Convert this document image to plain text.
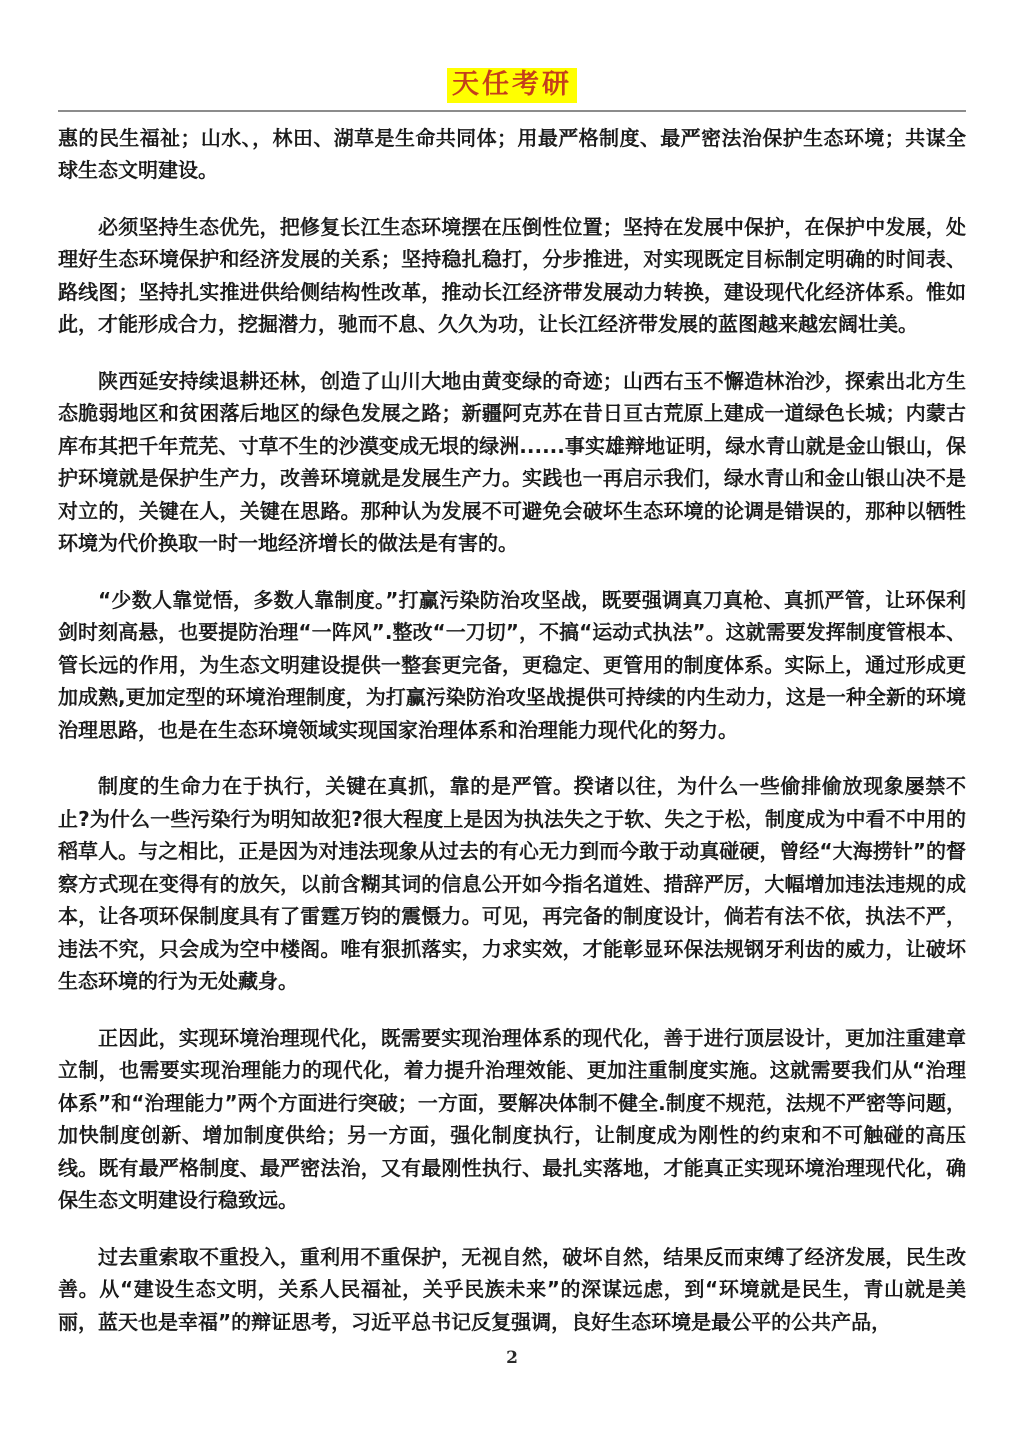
天任考研

惠的民生福祉；山水、，林田、湖草是生命共同体；用最严格制度、最严密法治保护生态环境；共谋全球生态文明建设。

必须坚持生态优先，把修复长江生态环境摆在压倒性位置；坚持在发展中保护，在保护中发展，处理好生态环境保护和经济发展的关系；坚持稳扎稳打，分步推进，对实现既定目标制定明确的时间表、路线图；坚持扎实推进供给侧结构性改革，推动长江经济带发展动力转换，建设现代化经济体系。惟如此，才能形成合力，挖掘潜力，驰而不息、久久为功，让长江经济带发展的蓝图越来越宏阔壮美。

陕西延安持续退耕还林，创造了山川大地由黄变绿的奇迹；山西右玉不懈造林治沙，探索出北方生态脆弱地区和贫困落后地区的绿色发展之路；新疆阿克苏在昔日亘古荒原上建成一道绿色长城；内蒙古库布其把千年荒芜、寸草不生的沙漠变成无垠的绿洲......事实雄辩地证明，绿水青山就是金山银山，保护环境就是保护生产力，改善环境就是发展生产力。实践也一再启示我们，绿水青山和金山银山决不是对立的，关键在人，关键在思路。那种认为发展不可避免会破坏生态环境的论调是错误的，那种以牺牲环境为代价换取一时一地经济增长的做法是有害的。

“少数人靠觉悟，多数人靠制度。”打赢污染防治攻坚战，既要强调真刀真枪、真抓严管，让环保利剑时刻高悬，也要提防治理“一阵风”.整改“一刀切”，不搞“运动式执法”。这就需要发挥制度管根本、管长远的作用，为生态文明建设提供一整套更完备，更稳定、更管用的制度体系。实际上，通过形成更加成熟,更加定型的环境治理制度，为打赢污染防治攻坚战提供可持续的内生动力，这是一种全新的环境治理思路，也是在生态环境领域实现国家治理体系和治理能力现代化的努力。

制度的生命力在于执行，关键在真抓，靠的是严管。揆诸以往，为什么一些偷排偷放现象屡禁不止?为什么一些污染行为明知故犯?很大程度上是因为执法失之于软、失之于松，制度成为中看不中用的稻草人。与之相比，正是因为对违法现象从过去的有心无力到而今敢于动真碰硬，曾经“大海捞针”的督察方式现在变得有的放矢，以前含糊其词的信息公开如今指名道姓、措辞严厉，大幅增加违法违规的成本，让各项环保制度具有了雷霆万钧的震慑力。可见，再完备的制度设计，倘若有法不依，执法不严，违法不究，只会成为空中楼阁。唯有狠抓落实，力求实效，才能彰显环保法规钢牙利齿的威力，让破坏生态环境的行为无处藏身。

正因此，实现环境治理现代化，既需要实现治理体系的现代化，善于进行顶层设计，更加注重建章立制，也需要实现治理能力的现代化，着力提升治理效能、更加注重制度实施。这就需要我们从“治理体系”和“治理能力”两个方面进行突破；一方面，要解决体制不健全.制度不规范，法规不严密等问题，加快制度创新、增加制度供给；另一方面，强化制度执行，让制度成为刚性的约束和不可触碰的高压线。既有最严格制度、最严密法治，又有最刚性执行、最扎实落地，才能真正实现环境治理现代化，确保生态文明建设行稳致远。

过去重索取不重投入，重利用不重保护，无视自然，破坏自然，结果反而束缚了经济发展，民生改善。从“建设生态文明，关系人民福祉，关乎民族未来”的深谋远虑，到“环境就是民生，青山就是美丽，蓝天也是幸福”的辩证思考，习近平总书记反复强调，良好生态环境是最公平的公共产品，

2
